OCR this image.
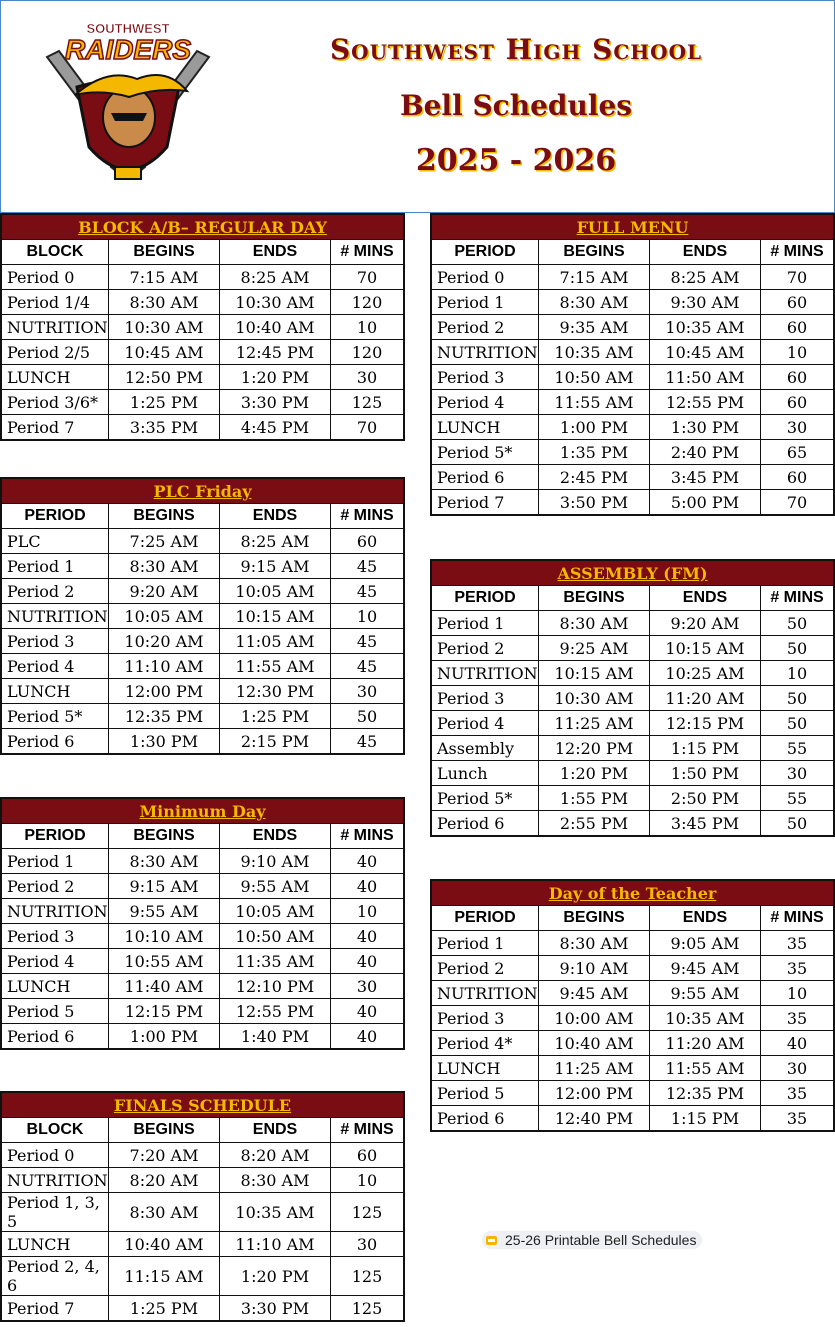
SOUTHWEST
RAIDERS	Southwest High School
Bell Schedules
2025 - 2026
BLOCK A/B– REGULAR DAY			
BLOCK	BEGINS	ENDS	# MINS
Period 0	7:15 AM	8:25 AM	70
Period 1/4	8:30 AM	10:30 AM	120
NUTRITION	10:30 AM	10:40 AM	10
Period 2/5	10:45 AM	12:45 PM	120
LUNCH	12:50 PM	1:20 PM	30
Period 3/6*	1:25 PM	3:30 PM	125
Period 7	3:35 PM	4:45 PM	70
PLC Friday			
PERIOD	BEGINS	ENDS	# MINS
PLC	7:25 AM	8:25 AM	60
Period 1	8:30 AM	9:15 AM	45
Period 2	9:20 AM	10:05 AM	45
NUTRITION	10:05 AM	10:15 AM	10
Period 3	10:20 AM	11:05 AM	45
Period 4	11:10 AM	11:55 AM	45
LUNCH	12:00 PM	12:30 PM	30
Period 5*	12:35 PM	1:25 PM	50
Period 6	1:30 PM	2:15 PM	45
Minimum Day			
PERIOD	BEGINS	ENDS	# MINS
Period 1	8:30 AM	9:10 AM	40
Period 2	9:15 AM	9:55 AM	40
NUTRITION	9:55 AM	10:05 AM	10
Period 3	10:10 AM	10:50 AM	40
Period 4	10:55 AM	11:35 AM	40
LUNCH	11:40 AM	12:10 PM	30
Period 5	12:15 PM	12:55 PM	40
Period 6	1:00 PM	1:40 PM	40
FINALS SCHEDULE			
BLOCK	BEGINS	ENDS	# MINS
Period 0	7:20 AM	8:20 AM	60
NUTRITION	8:20 AM	8:30 AM	10
Period 1, 3, 5	8:30 AM	10:35 AM	125
LUNCH	10:40 AM	11:10 AM	30
Period 2, 4, 6	11:15 AM	1:20 PM	125
Period 7	1:25 PM	3:30 PM	125
FULL MENU			
PERIOD	BEGINS	ENDS	# MINS
Period 0	7:15 AM	8:25 AM	70
Period 1	8:30 AM	9:30 AM	60
Period 2	9:35 AM	10:35 AM	60
NUTRITION	10:35 AM	10:45 AM	10
Period 3	10:50 AM	11:50 AM	60
Period 4	11:55 AM	12:55 PM	60
LUNCH	1:00 PM	1:30 PM	30
Period 5*	1:35 PM	2:40 PM	65
Period 6	2:45 PM	3:45 PM	60
Period 7	3:50 PM	5:00 PM	70
ASSEMBLY (FM)			
PERIOD	BEGINS	ENDS	# MINS
Period 1	8:30 AM	9:20 AM	50
Period 2	9:25 AM	10:15 AM	50
NUTRITION	10:15 AM	10:25 AM	10
Period 3	10:30 AM	11:20 AM	50
Period 4	11:25 AM	12:15 PM	50
Assembly	12:20 PM	1:15 PM	55
Lunch	1:20 PM	1:50 PM	30
Period 5*	1:55 PM	2:50 PM	55
Period 6	2:55 PM	3:45 PM	50
Day of the Teacher			
PERIOD	BEGINS	ENDS	# MINS
Period 1	8:30 AM	9:05 AM	35
Period 2	9:10 AM	9:45 AM	35
NUTRITION	9:45 AM	9:55 AM	10
Period 3	10:00 AM	10:35 AM	35
Period 4*	10:40 AM	11:20 AM	40
LUNCH	11:25 AM	11:55 AM	30
Period 5	12:00 PM	12:35 PM	35
Period 6	12:40 PM	1:15 PM	35
25-26 Printable Bell Schedules
